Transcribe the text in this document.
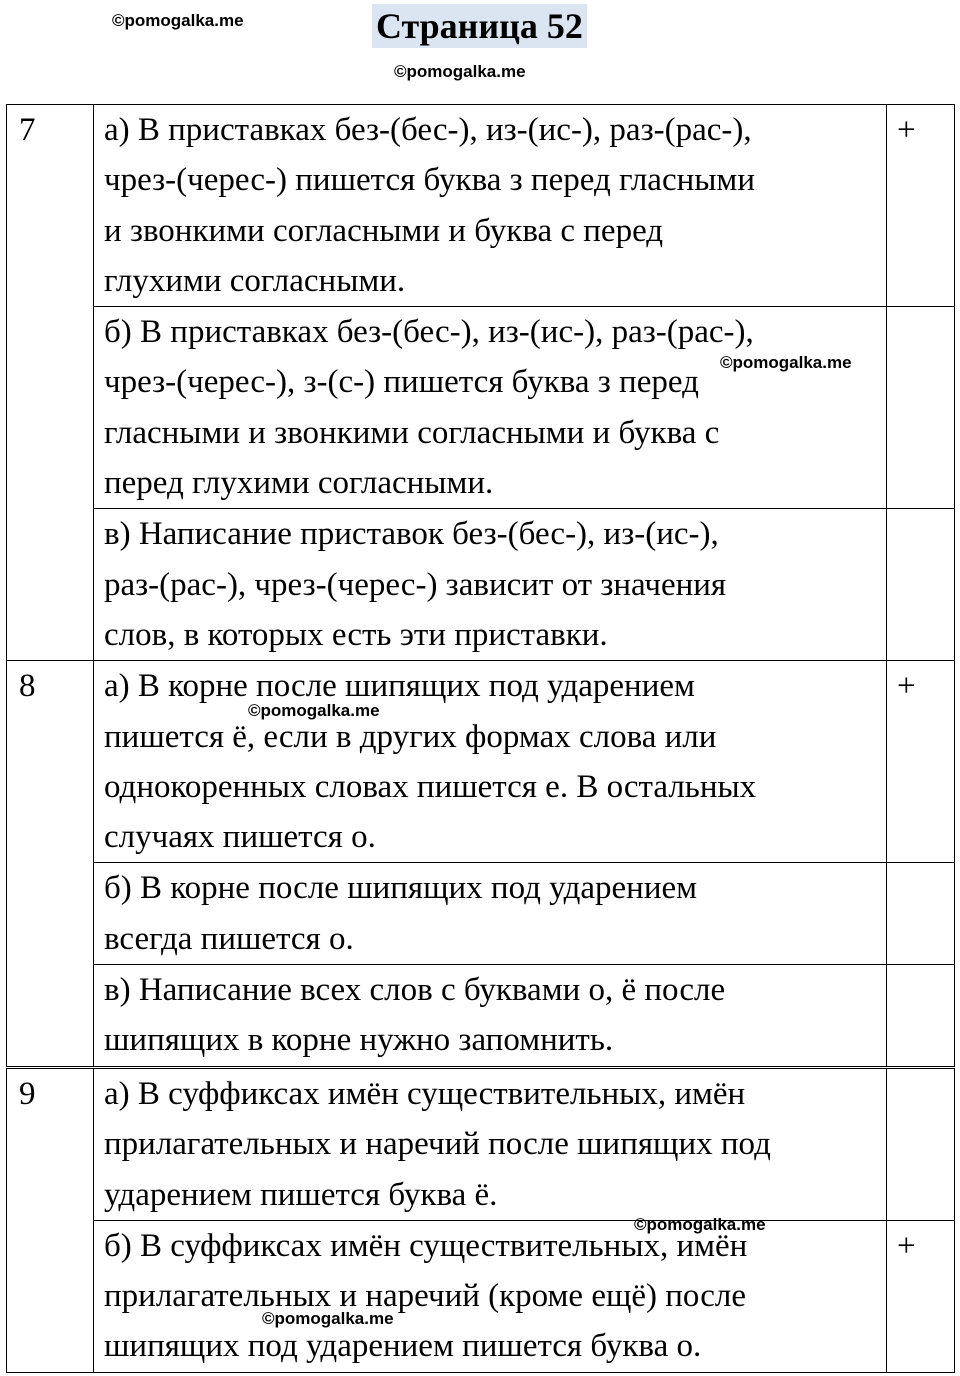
©pomogalka.me
©pomogalka.me
©pomogalka.me
©pomogalka.me
©pomogalka.me
©pomogalka.me
Страница 52
7	а) В приставках без-(бес-), из-(ис-), раз-(рас-),
чрез-(черес-) пишется буква з перед гласными
и звонкими согласными и буква с перед
глухими согласными.	+

	б) В приставках без-(бес-), из-(ис-), раз-(рас-),
чрез-(черес-), з-(с-) пишется буква з перед
гласными и звонкими согласными и буква с
перед глухими согласными.	

	в) Написание приставок без-(бес-), из-(ис-),
раз-(рас-), чрез-(черес-) зависит от значения
слов, в которых есть эти приставки.	

8	а) В корне после шипящих под ударением
пишется ё, если в других формах слова или
однокоренных словах пишется е. В остальных
случаях пишется о.	+

	б) В корне после шипящих под ударением
всегда пишется о.	

	в) Написание всех слов с буквами о, ё после
шипящих в корне нужно запомнить.	

9	а) В суффиксах имён существительных, имён
прилагательных и наречий после шипящих под
ударением пишется буква ё.	

	б) В суффиксах имён существительных, имён
прилагательных и наречий (кроме ещё) после
шипящих под ударением пишется буква о.	+
